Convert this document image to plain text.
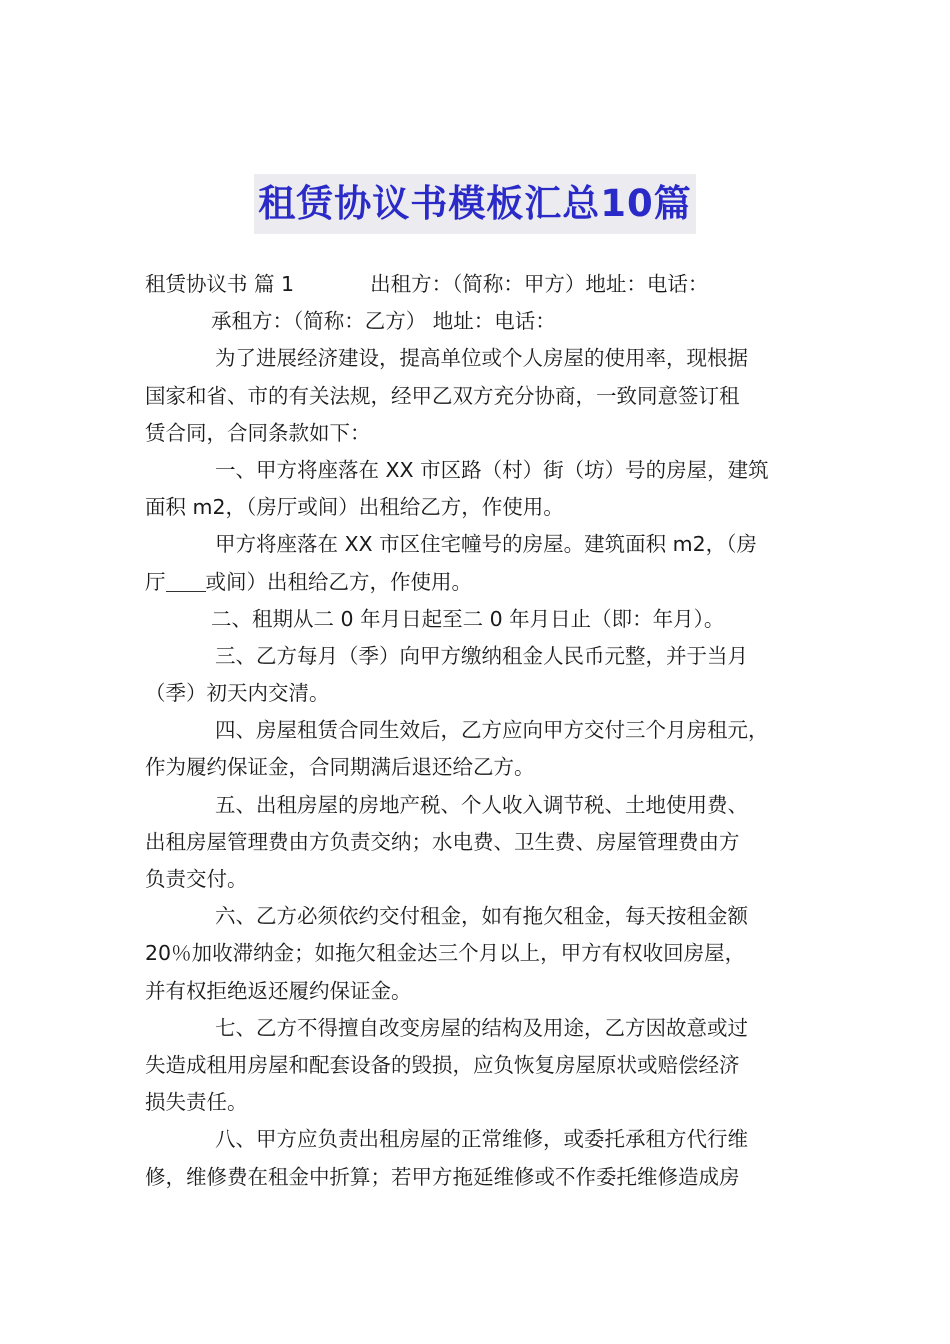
租赁协议书模板汇总10篇
租赁协议书 篇 1	出租方：（简称：甲方）地址：电话：
承租方：（简称：乙方） 地址：电话：
为了进展经济建设，提高单位或个人房屋的使用率，现根据
国家和省、市的有关法规，经甲乙双方充分协商，一致同意签订租
赁合同，合同条款如下：
一、甲方将座落在 XX 市区路（村）街（坊）号的房屋，建筑
面积 m2，（房厅或间）出租给乙方，作使用。
甲方将座落在 XX 市区住宅幢号的房屋。建筑面积 m2，（房
厅 或间）出租给乙方，作使用。
二、租期从二 0 年月日起至二 0 年月日止（即：年月）。
三、乙方每月（季）向甲方缴纳租金人民币元整，并于当月
（季）初天内交清。
四、房屋租赁合同生效后，乙方应向甲方交付三个月房租元，
作为履约保证金，合同期满后退还给乙方。
五、出租房屋的房地产税、个人收入调节税、土地使用费、
出租房屋管理费由方负责交纳；水电费、卫生费、房屋管理费由方
负责交付。
六、乙方必须依约交付租金，如有拖欠租金，每天按租金额
20％加收滞纳金；如拖欠租金达三个月以上，甲方有权收回房屋，
并有权拒绝返还履约保证金。
七、乙方不得擅自改变房屋的结构及用途，乙方因故意或过
失造成租用房屋和配套设备的毁损，应负恢复房屋原状或赔偿经济
损失责任。
八、甲方应负责出租房屋的正常维修，或委托承租方代行维
修，维修费在租金中折算；若甲方拖延维修或不作委托维修造成房
